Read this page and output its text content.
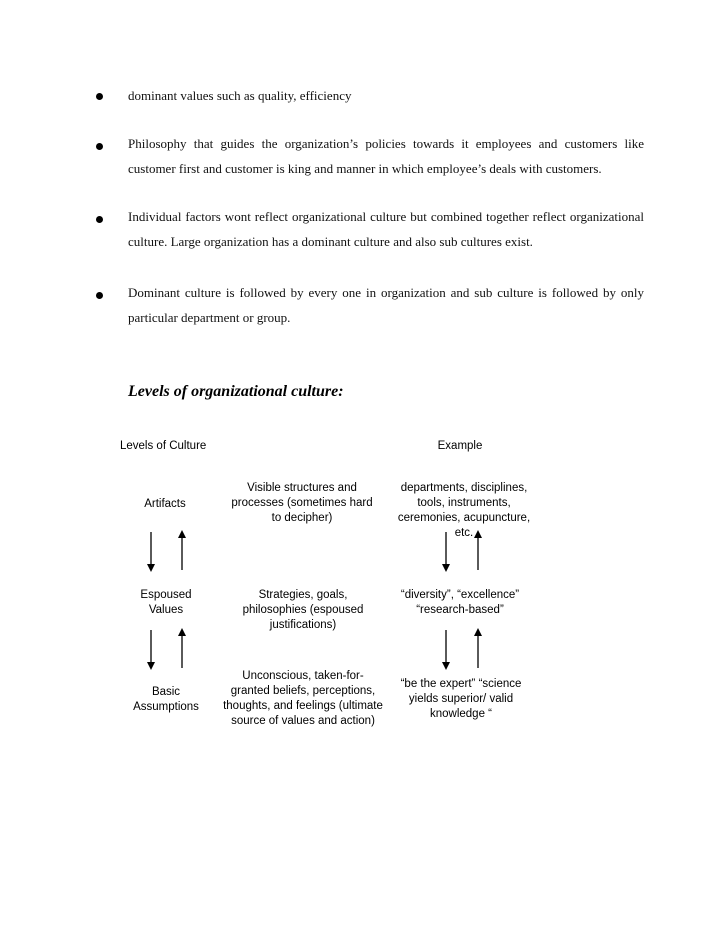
dominant values such as quality, efficiency
Philosophy that guides the organization’s policies towards it employees and customers like customer first and customer is king and manner in which employee’s deals with customers.
Individual factors wont reflect organizational culture but combined together reflect organizational culture. Large organization has a dominant culture and also sub cultures exist.
Dominant culture is followed by every one in organization and sub culture is followed by only particular department or group.
Levels of organizational culture:
Levels of Culture	Example
Artifacts
Visible structures and processes (sometimes hard to decipher)
departments, disciplines, tools, instruments, ceremonies, acupuncture, etc.
Espoused Values
Strategies, goals, philosophies (espoused justifications)
“diversity”, “excellence” “research-based”
Basic Assumptions
Unconscious, taken-for-granted beliefs, perceptions, thoughts, and feelings (ultimate source of values and action)
“be the expert” “science yields superior/ valid knowledge “
